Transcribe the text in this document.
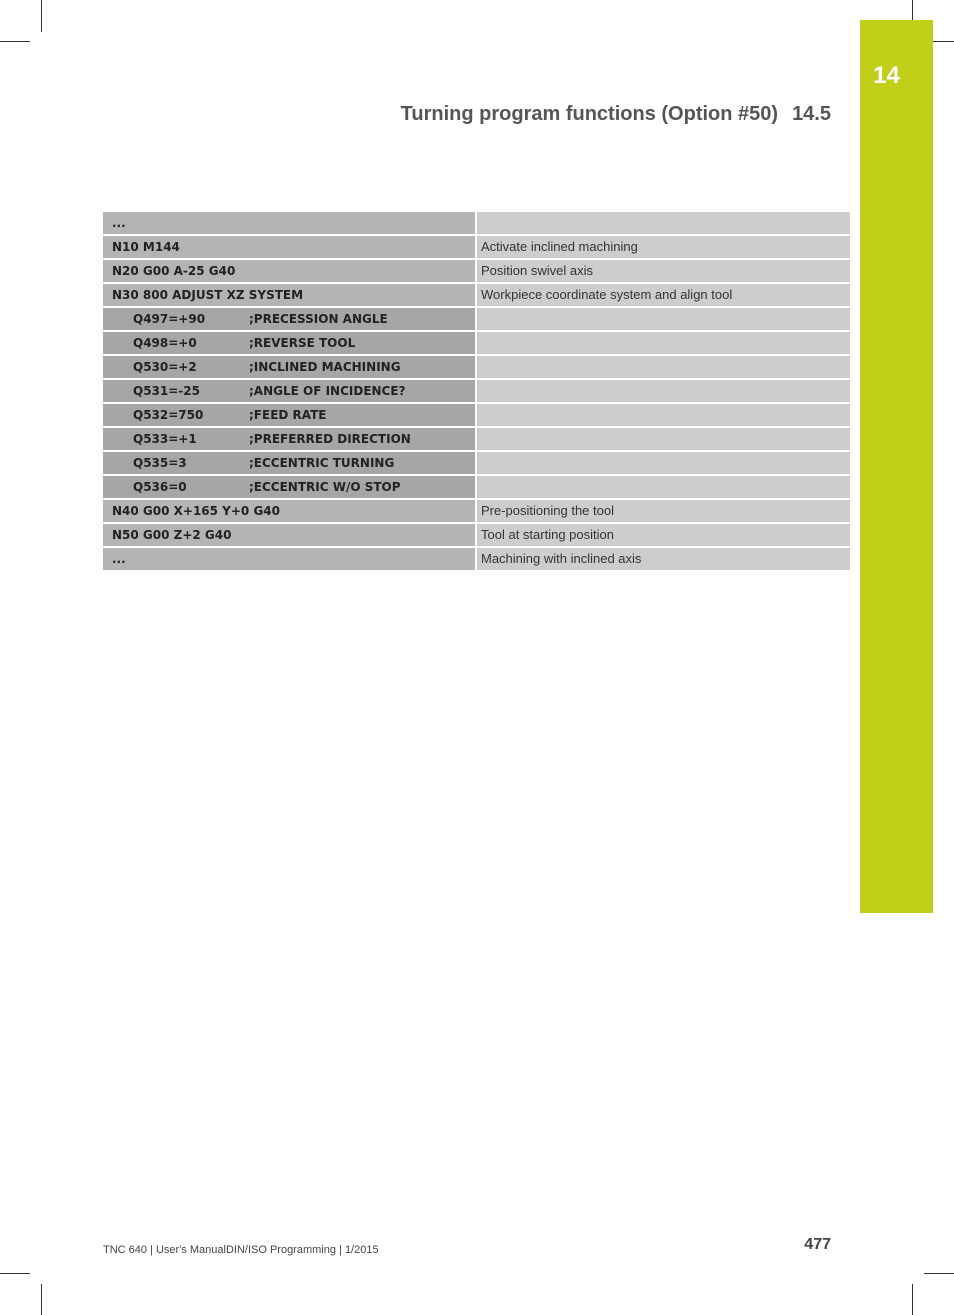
14
Turning program functions (Option #50) 14.5
...
N10 M144	Activate inclined machining
N20 G00 A-25 G40	Position swivel axis
N30 800 ADJUST XZ SYSTEM	Workpiece coordinate system and align tool
Q497=+90	;PRECESSION ANGLE
Q498=+0	;REVERSE TOOL
Q530=+2	;INCLINED MACHINING
Q531=-25	;ANGLE OF INCIDENCE?
Q532=750	;FEED RATE
Q533=+1	;PREFERRED DIRECTION
Q535=3	;ECCENTRIC TURNING
Q536=0	;ECCENTRIC W/O STOP
N40 G00 X+165 Y+0 G40	Pre-positioning the tool
N50 G00 Z+2 G40	Tool at starting position
...	Machining with inclined axis
TNC 640 | User's ManualDIN/ISO Programming | 1/2015	477
